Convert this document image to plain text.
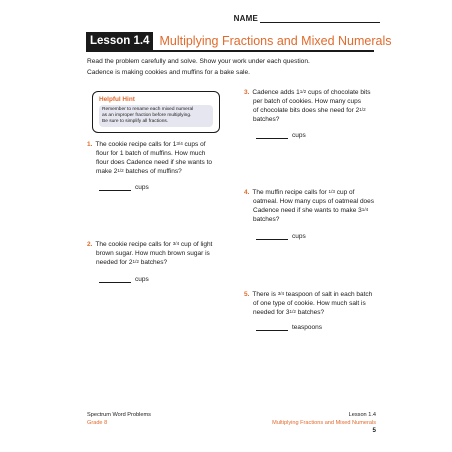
NAME
Lesson 1.4 Multiplying Fractions and Mixed Numerals
Read the problem carefully and solve. Show your work under each question.
Cadence is making cookies and muffins for a bake sale.
Helpful Hint
Remember to rename each mixed numeral
as an improper fraction before multiplying.
Be sure to simplify all fractions.
1. The cookie recipe calls for 13/4 cups of
flour for 1 batch of muffins. How much
flour does Cadence need if she wants to
make 21/2 batches of muffins?
cups
2. The cookie recipe calls for 3/4 cup of light
brown sugar. How much brown sugar is
needed for 21/2 batches?
cups
3. Cadence adds 11/2 cups of chocolate bits
per batch of cookies. How many cups
of chocolate bits does she need for 21/2
batches?
cups
4. The muffin recipe calls for 1/3 cup of
oatmeal. How many cups of oatmeal does
Cadence need if she wants to make 31/4
batches?
cups
5. There is 3/4 teaspoon of salt in each batch
of one type of cookie. How much salt is
needed for 31/2 batches?
teaspoons
Spectrum Word Problems
Grade 8
Lesson 1.4
Multiplying Fractions and Mixed Numerals
5
